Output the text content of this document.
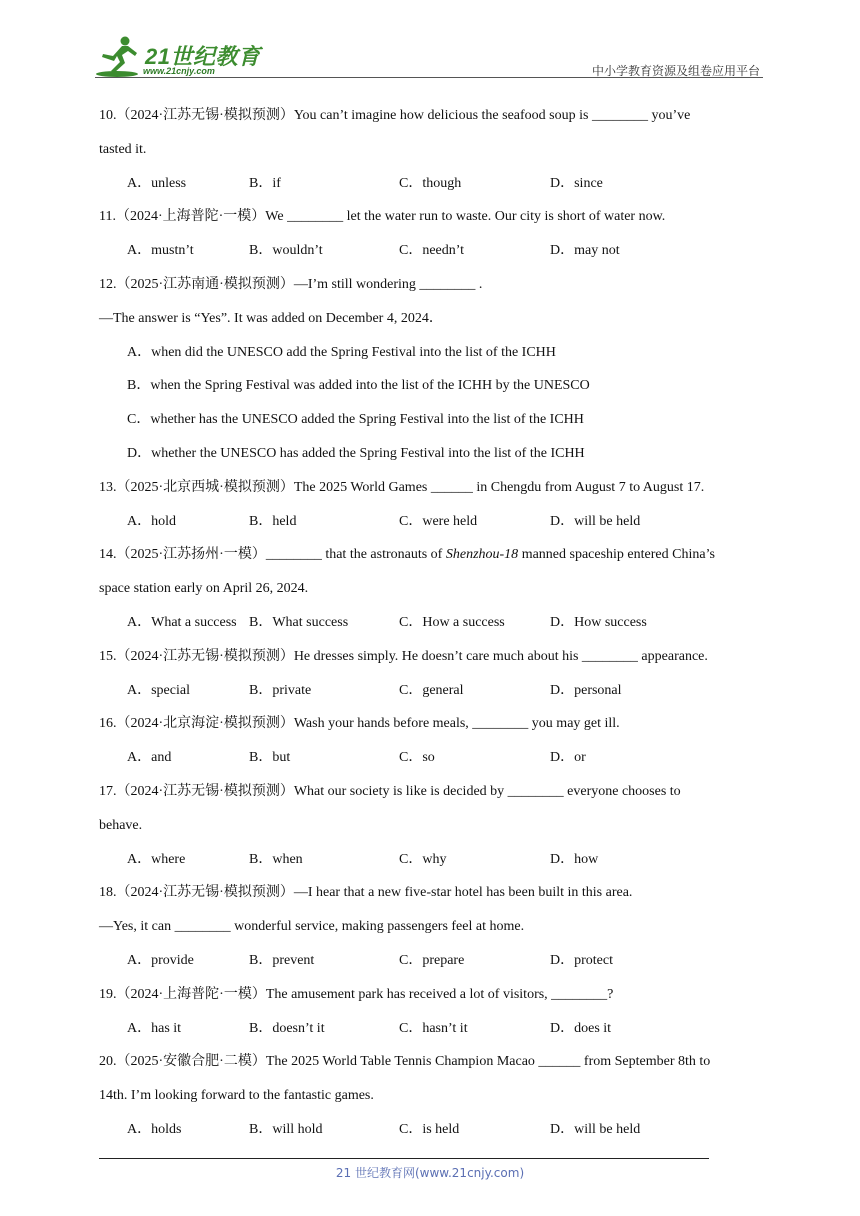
21世纪教育
www.21cnjy.com	中小学教育资源及组卷应用平台
10.（2024·江苏无锡·模拟预测）You can’t imagine how delicious the seafood soup is ________ you’ve
tasted it.
A．unless	B．if	C．though	D．since
11.（2024·上海普陀·一模）We ________ let the water run to waste. Our city is short of water now.
A．mustn’t	B．wouldn’t	C．needn’t	D．may not
12.（2025·江苏南通·模拟预测）—I’m still wondering ________ .
—The answer is “Yes”. It was added on December 4, 2024．
A．when did the UNESCO add the Spring Festival into the list of the ICHH
B．when the Spring Festival was added into the list of the ICHH by the UNESCO
C．whether has the UNESCO added the Spring Festival into the list of the ICHH
D．whether the UNESCO has added the Spring Festival into the list of the ICHH
13.（2025·北京西城·模拟预测）The 2025 World Games ______ in Chengdu from August 7 to August 17.
A．hold	B．held	C．were held	D．will be held
14.（2025·江苏扬州·一模）________ that the astronauts of Shenzhou-18 manned spaceship entered China’s
space station early on April 26, 2024.
A．What a success B．What success	C．How a success	D．How success
15.（2024·江苏无锡·模拟预测）He dresses simply. He doesn’t care much about his ________ appearance.
A．special	B．private	C．general	D．personal
16.（2024·北京海淀·模拟预测）Wash your hands before meals, ________ you may get ill.
A．and	B．but	C．so	D．or
17.（2024·江苏无锡·模拟预测）What our society is like is decided by ________ everyone chooses to
behave.
A．where	B．when	C．why	D．how
18.（2024·江苏无锡·模拟预测）—I hear that a new five-star hotel has been built in this area.
—Yes, it can ________ wonderful service, making passengers feel at home.
A．provide	B．prevent	C．prepare	D．protect
19.（2024·上海普陀·一模）The amusement park has received a lot of visitors, ________?
A．has it	B．doesn’t it	C．hasn’t it	D．does it
20.（2025·安徽合肥·二模）The 2025 World Table Tennis Champion Macao ______ from September 8th to
14th. I’m looking forward to the fantastic games.
A．holds	B．will hold	C．is held	D．will be held
21 世纪教育网(www.21cnjy.com)
